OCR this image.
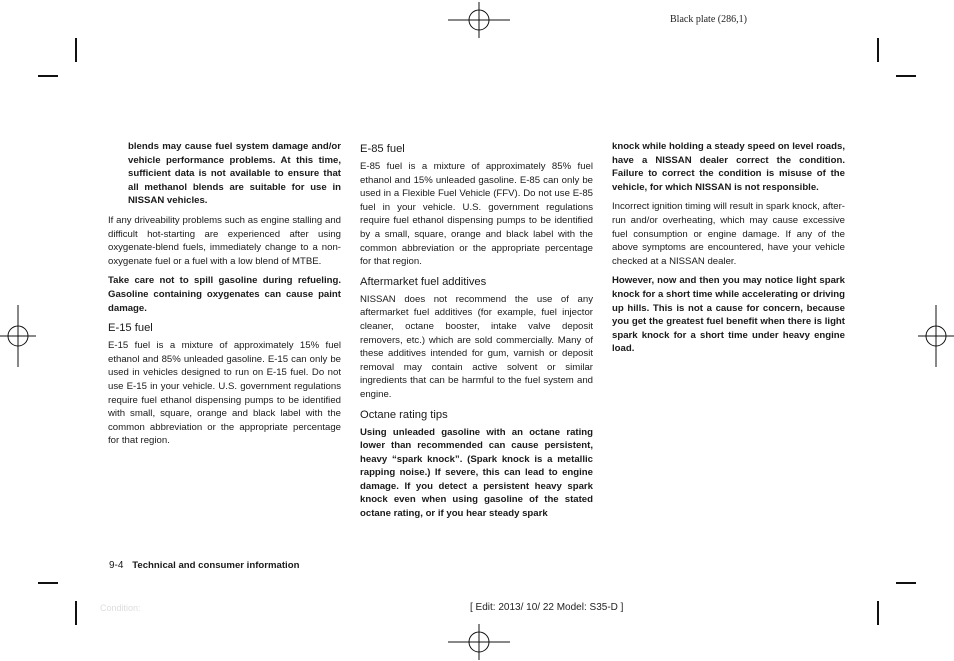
Black plate (286,1)

blends may cause fuel system damage and/or vehicle performance problems. At this time, sufficient data is not available to ensure that all methanol blends are suitable for use in NISSAN vehicles.

If any driveability problems such as engine stalling and difficult hot-starting are experienced after using oxygenate-blend fuels, immediately change to a non-oxygenate fuel or a fuel with a low blend of MTBE.

Take care not to spill gasoline during refueling. Gasoline containing oxygenates can cause paint damage.

E-15 fuel

E-15 fuel is a mixture of approximately 15% fuel ethanol and 85% unleaded gasoline. E-15 can only be used in vehicles designed to run on E-15 fuel. Do not use E-15 in your vehicle. U.S. government regulations require fuel ethanol dispensing pumps to be identified with small, square, orange and black label with the common abbreviation or the appropriate percentage for that region.

E-85 fuel

E-85 fuel is a mixture of approximately 85% fuel ethanol and 15% unleaded gasoline. E-85 can only be used in a Flexible Fuel Vehicle (FFV). Do not use E-85 fuel in your vehicle. U.S. government regulations require fuel ethanol dispensing pumps to be identified by a small, square, orange and black label with the common abbreviation or the appropriate percentage for that region.

Aftermarket fuel additives

NISSAN does not recommend the use of any aftermarket fuel additives (for example, fuel injector cleaner, octane booster, intake valve deposit removers, etc.) which are sold commercially. Many of these additives intended for gum, varnish or deposit removal may contain active solvent or similar ingredients that can be harmful to the fuel system and engine.

Octane rating tips

Using unleaded gasoline with an octane rating lower than recommended can cause persistent, heavy “spark knock”. (Spark knock is a metallic rapping noise.) If severe, this can lead to engine damage. If you detect a persistent heavy spark knock even when using gasoline of the stated octane rating, or if you hear steady spark

knock while holding a steady speed on level roads, have a NISSAN dealer correct the condition. Failure to correct the condition is misuse of the vehicle, for which NISSAN is not responsible.

Incorrect ignition timing will result in spark knock, after-run and/or overheating, which may cause excessive fuel consumption or engine damage. If any of the above symptoms are encountered, have your vehicle checked at a NISSAN dealer.

However, now and then you may notice light spark knock for a short time while accelerating or driving up hills. This is not a cause for concern, because you get the greatest fuel benefit when there is light spark knock for a short time under heavy engine load.

9-4 Technical and consumer information
Condition:	[ Edit: 2013/ 10/ 22 Model: S35-D ]
